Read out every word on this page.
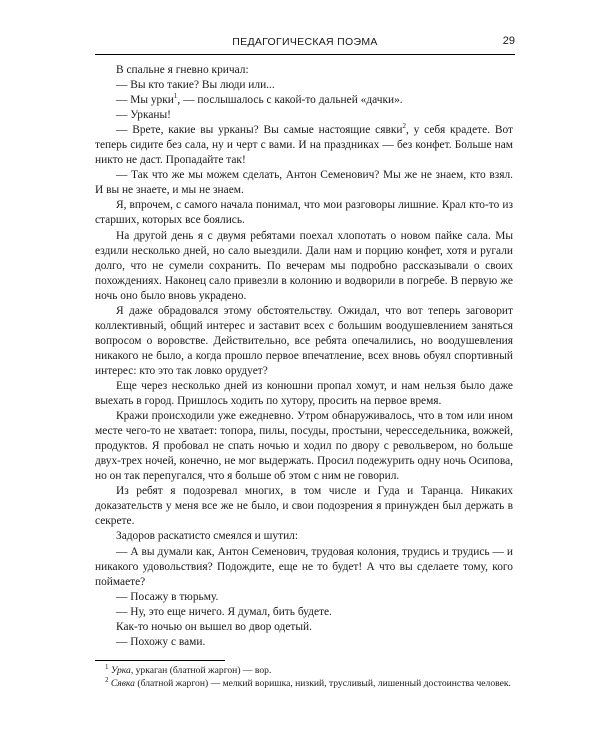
ПЕДАГОГИЧЕСКАЯ ПОЭМА	29

В спальне я гневно кричал:

— Вы кто такие? Вы люди или...

— Мы урки$^1$, — послышалось с какой-то дальней «дачки».

— Урканы!

— Врете, какие вы урканы? Вы самые настоящие сявки$^2$, у себя крадете. Вот теперь сидите без сала, ну и черт с вами. И на праздниках — без конфет. Больше нам никто не даст. Пропадайте так!

— Так что же мы можем сделать, Антон Семенович? Мы же не знаем, кто взял. И вы не знаете, и мы не знаем.

Я, впрочем, с самого начала понимал, что мои разговоры лишние. Крал кто-то из старших, которых все боялись.

На другой день я с двумя ребятами поехал хлопотать о новом пайке сала. Мы ездили несколько дней, но сало выездили. Дали нам и порцию конфет, хотя и ругали долго, что не сумели сохранить. По вечерам мы подробно рассказывали о своих похождениях. Наконец сало привезли в колонию и водворили в погребе. В первую же ночь оно было вновь украдено.

Я даже обрадовался этому обстоятельству. Ожидал, что вот теперь заговорит коллективный, общий интерес и заставит всех с большим воодушевлением заняться вопросом о воровстве. Действительно, все ребята опечалились, но воодушевления никакого не было, а когда прошло первое впечатление, всех вновь обуял спортивный интерес: кто это так ловко орудует?

Еще через несколько дней из конюшни пропал хомут, и нам нельзя было даже выехать в город. Пришлось ходить по хутору, просить на первое время.

Кражи происходили уже ежедневно. Утром обнаруживалось, что в том или ином месте чего-то не хватает: топора, пилы, посуды, простыни, чересседельника, вожжей, продуктов. Я пробовал не спать ночью и ходил по двору с револьвером, но больше двух-трех ночей, конечно, не мог выдержать. Просил подежурить одну ночь Осипова, но он так перепугался, что я больше об этом с ним не говорил.

Из ребят я подозревал многих, в том числе и Гуда и Таранца. Никаких доказательств у меня все же не было, и свои подозрения я принужден был держать в секрете.

Задоров раскатисто смеялся и шутил:

— А вы думали как, Антон Семенович, трудовая колония, трудись и трудись — и никакого удовольствия? Подождите, еще не то будет! А что вы сделаете тому, кого поймаете?

— Посажу в тюрьму.

— Ну, это еще ничего. Я думал, бить будете.

Как-то ночью он вышел во двор одетый.

— Похожу с вами.

$^1$ Урка, уркаган (блатной жаргон) — вор.

$^2$ Сявка (блатной жаргон) — мелкий воришка, низкий, трусливый, лишенный достоинства человек.
